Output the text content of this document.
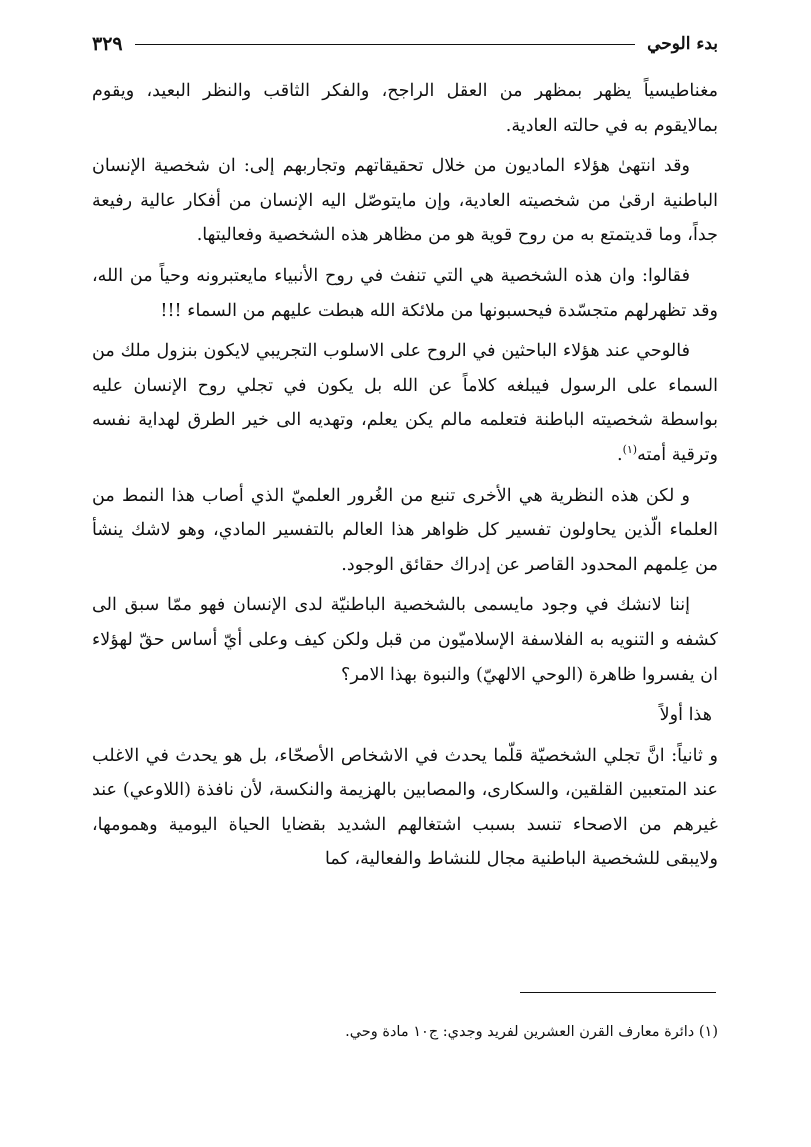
بدء الوحي
٣٢٩

مغناطيسياً يظهر بمظهر من العقل الراجح، والفكر الثاقب والنظر البعيد، ويقوم بمالايقوم به في حالته العادية.

وقد انتهىٰ هؤلاء الماديون من خلال تحقيقاتهم وتجاربهم إلى: ان شخصية الإنسان الباطنية ارقىٰ من شخصيته العادية، وإن مايتوصّل اليه الإنسان من أفكار عالية رفيعة جداً، وما قديتمتع به من روح قوية هو من مظاهر هذه الشخصية وفعاليتها.

فقالوا: وان هذه الشخصية هي التي تنفث في روح الأنبياء مايعتبرونه وحياً من الله، وقد تظهرلهم متجسّدة فيحسبونها من ملائكة الله هبطت عليهم من السماء !!!

فالوحي عند هؤلاء الباحثين في الروح على الاسلوب التجريبي لايكون بنزول ملك من السماء على الرسول فيبلغه كلاماً عن الله بل يكون في تجلي روح الإنسان عليه بواسطة شخصيته الباطنة فتعلمه مالم يكن يعلم، وتهديه الى خير الطرق لهداية نفسه وترقية أمته$^{(١)}$.

و لكن هذه النظرية هي الأخرى تنبع من الغُرور العلميّ الذي أصاب هذا النمط من العلماء الّذين يحاولون تفسير كل ظواهر هذا العالم بالتفسير المادي، وهو لاشك ينشأ من عِلمهم المحدود القاصر عن إدراك حقائق الوجود.

إننا لانشك في وجود مايسمى بالشخصية الباطنيّة لدى الإنسان فهو ممّا سبق الى كشفه و التنويه به الفلاسفة الإسلاميّون من قبل ولكن كيف وعلى أيّ أساس حقّ لهؤلاء ان يفسروا ظاهرة (الوحي الالهيّ) والنبوة بهذا الامر؟

هذا أولاً

و ثانياً: انَّ تجلي الشخصيّة قلّما يحدث في الاشخاص الأصحّاء، بل هو يحدث في الاغلب عند المتعبين القلقين، والسكارى، والمصابين بالهزيمة والنكسة، لأن نافذة (اللاوعي) عند غيرهم من الاصحاء تنسد بسبب اشتغالهم الشديد بقضايا الحياة اليومية وهمومها، ولايبقى للشخصية الباطنية مجال للنشاط والفعالية، كما

(١) دائرة معارف القرن العشرين لفريد وجدي: ج١٠ مادة وحي.
